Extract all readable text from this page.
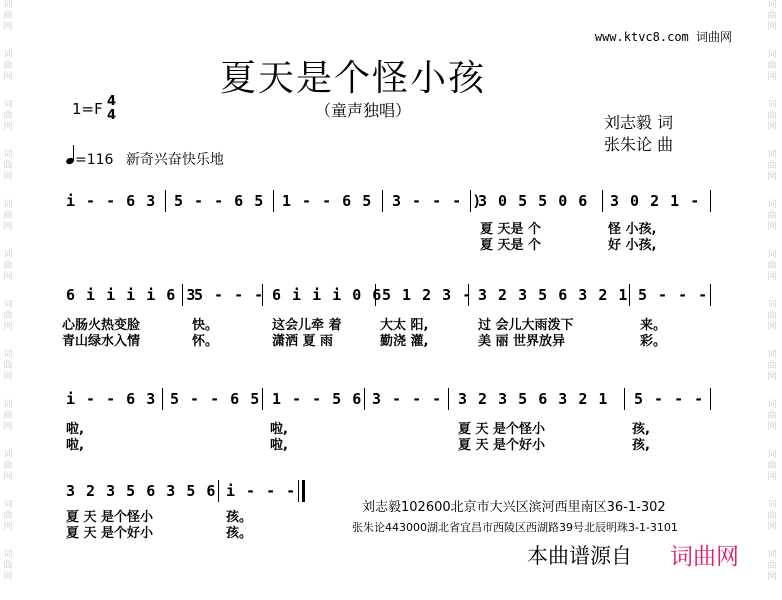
词曲网
词曲网
词曲网
词曲网
词曲网
词曲网
词曲网
词曲网
词曲网
词曲网
词曲网
词曲网
词曲网
词曲网
词曲网
词曲网
词曲网
词曲网
词曲网
词曲网
词曲网
词曲网
词曲网
词曲网
www.ktvc8.com 词曲网
夏天是个怪小孩
（童声独唱）
刘志毅 词
张朱论 曲
1=F 4
4
=116 新奇兴奋快乐地
i - - 6 3 5 - - 6 5 1 - - 6 5 3 - - - )
3 0 5 5 0 6 3 0 2 1 -
夏 天是 个	怪 小孩,
夏 天是 个	好 小孩,
6 i i i i 6 3
5 - - - 6 i i i 0 6 5 1 2 3 - 3 2 3 5 6 3 2 1 5 - - -
心肠火热变脸	快。	这会儿牵 着	大太 阳,	过 会儿大雨泼下	来。
青山绿水入情	怀。	潇洒 夏 雨	勤浇 灌,	美 丽 世界放异	彩。
i - - 6 3 5 - - 6 5 1 - - 5 6 3 - - - 3 2 3 5 6 3 2 1 5 - - -
啦,	啦,	夏 天 是个怪小	孩,
啦,	啦,	夏 天 是个好小	孩,
3 2 3 5 6 3 5 6 i - - -
夏 天 是个怪小	孩。
夏 天 是个好小	孩。
刘志毅102600北京市大兴区滨河西里南区36-1-302
张朱论443000湖北省宜昌市西陵区西湖路39号北辰明珠3-1-3101
本曲谱源自 词曲网
